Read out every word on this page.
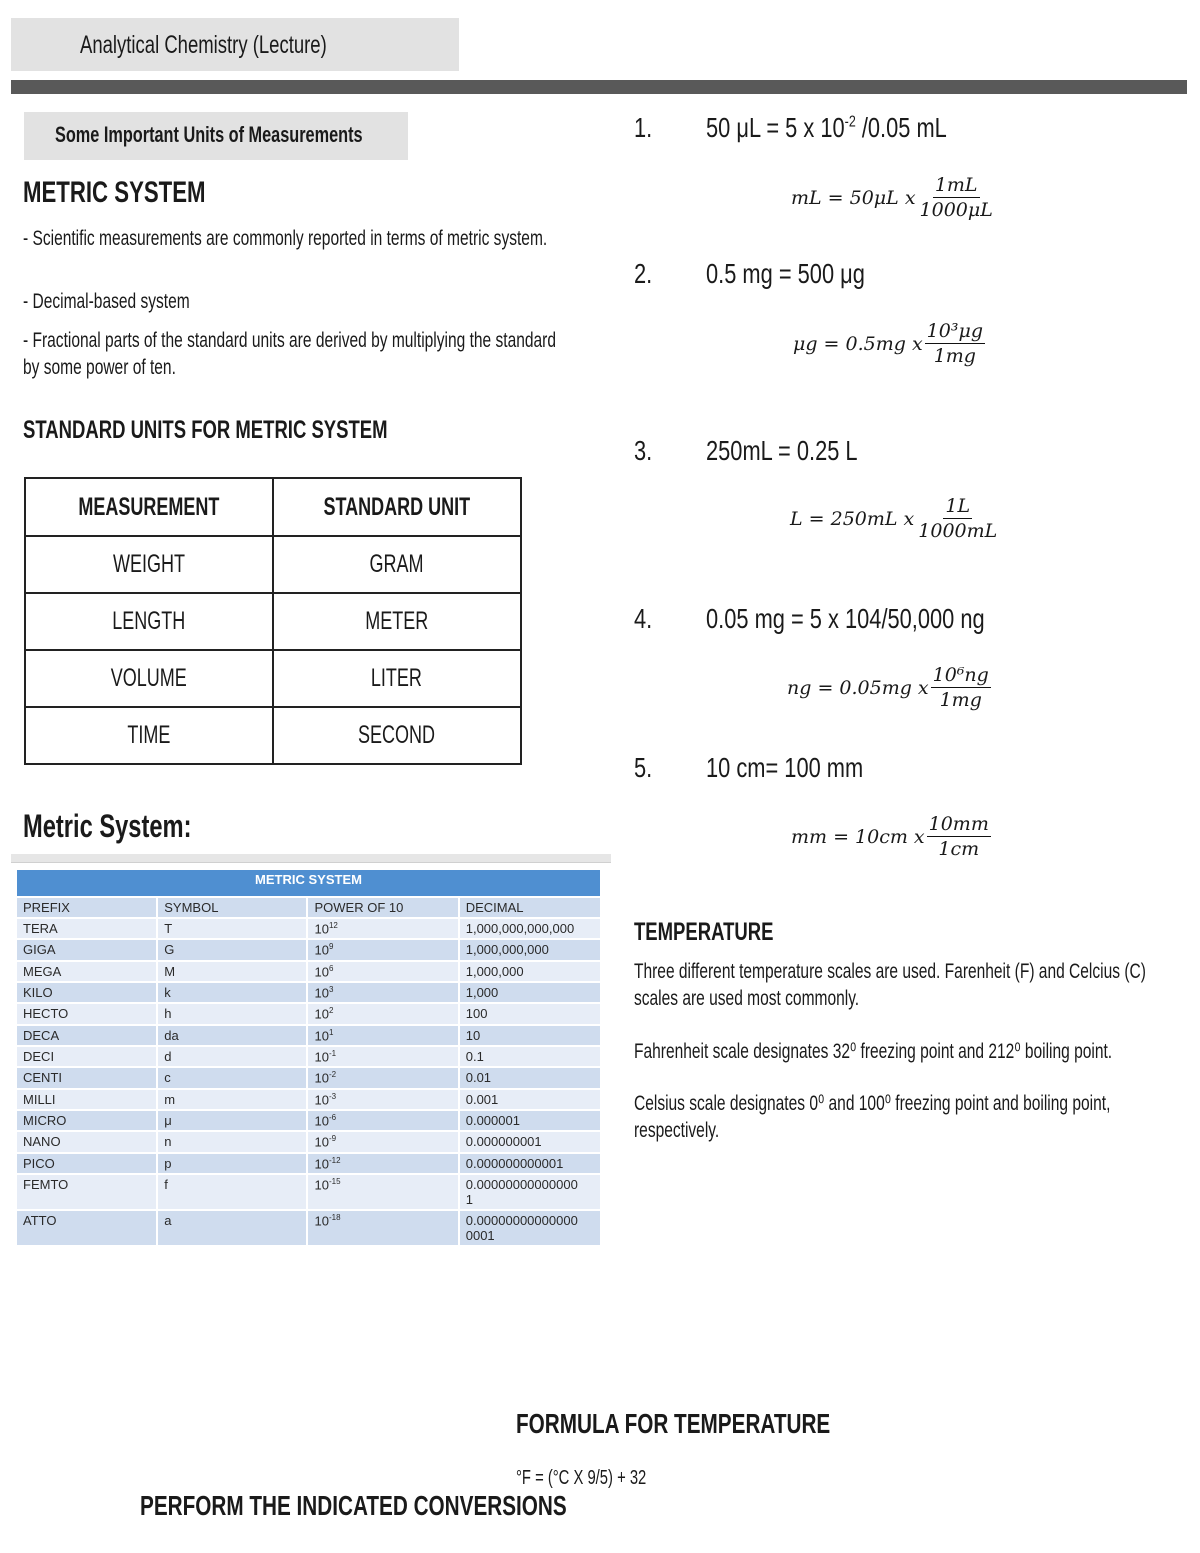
Analytical Chemistry (Lecture)
Some Important Units of Measurements
METRIC SYSTEM
- Scientific measurements are commonly reported in terms of metric system.
- Decimal-based system
- Fractional parts of the standard units are derived by multiplying the standard by some power of ten.
STANDARD UNITS FOR METRIC SYSTEM
MEASUREMENT	STANDARD UNIT
WEIGHT	GRAM
LENGTH	METER
VOLUME	LITER
TIME	SECOND
Metric System:
METRIC SYSTEM			
PREFIX	SYMBOL	POWER OF 10	DECIMAL
TERA	T	$10^{12}$	1,000,000,000,000
GIGA	G	$10^9$	1,000,000,000
MEGA	M	$10^6$	1,000,000
KILO	k	$10^3$	1,000
HECTO	h	$10^2$	100
DECA	da	$10^1$	10
DECI	d	$10^{-1}$	0.1
CENTI	c	$10^{-2}$	0.01
MILLI	m	$10^{-3}$	0.001
MICRO	μ	$10^{-6}$	0.000001
NANO	n	$10^{-9}$	0.000000001
PICO	p	$10^{-12}$	0.000000000001
FEMTO	f	$10^{-15}$	0.00000000000000
1
ATTO	a	$10^{-18}$	0.00000000000000
0001
1. 50 μL = 5 x $10^{-2}$ /0.05 mL
mL = 50μL x $\frac{1mL}{1000\mu L}$
2. 0.5 mg = 500 μg
μg = 0.5mg x $\frac{\text{10³μg}}{1mg}$
3. 250mL = 0.25 L
L = 250mL x $\frac{1L}{1000mL}$
4. 0.05 mg = 5 x 104/50,000 ng
ng = 0.05mg x $\frac{\text{10⁶ng}}{1mg}$
5. 10 cm= 100 mm
mm = 10cm x $\frac{10mm}{1cm}$
TEMPERATURE
Three different temperature scales are used. Farenheit (F) and Celcius (C) scales are used most commonly.
Fahrenheit scale designates 32⁰ freezing point and 212⁰ boiling point.
Celsius scale designates 0⁰ and 100⁰ freezing point and boiling point, respectively.
FORMULA FOR TEMPERATURE
°F = (°C X 9/5) + 32
PERFORM THE INDICATED CONVERSIONS
